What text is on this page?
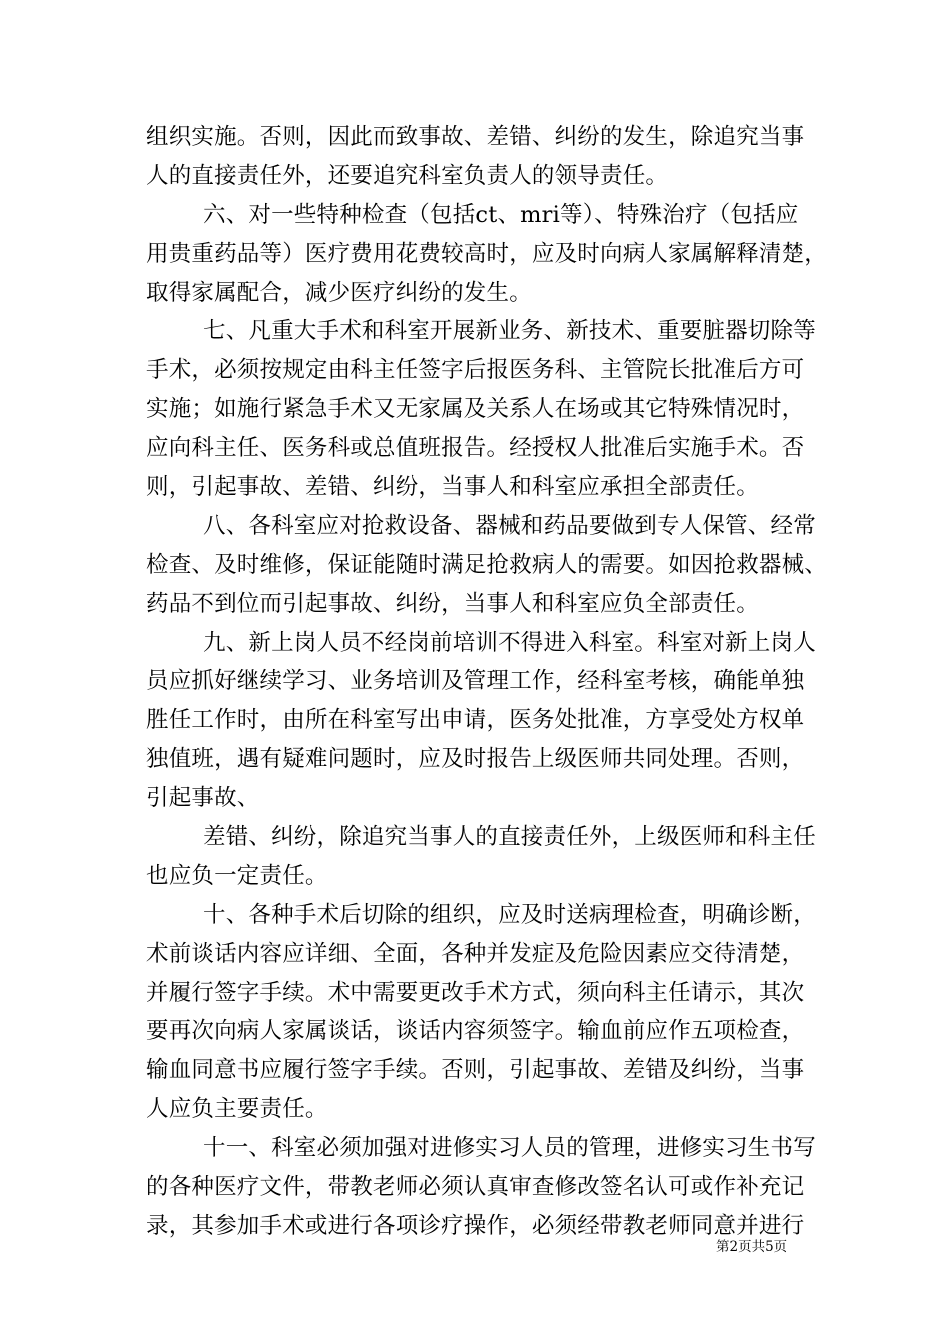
组织实施。否则，因此而致事故、差错、纠纷的发生，除追究当事
人的直接责任外，还要追究科室负责人的领导责任。
六、对一些特种检查（包括ct、mri等）、特殊治疗（包括应
用贵重药品等）医疗费用花费较高时，应及时向病人家属解释清楚，
取得家属配合，减少医疗纠纷的发生。
七、凡重大手术和科室开展新业务、新技术、重要脏器切除等
手术，必须按规定由科主任签字后报医务科、主管院长批准后方可
实施；如施行紧急手术又无家属及关系人在场或其它特殊情况时，
应向科主任、医务科或总值班报告。经授权人批准后实施手术。否
则，引起事故、差错、纠纷，当事人和科室应承担全部责任。
八、各科室应对抢救设备、器械和药品要做到专人保管、经常
检查、及时维修，保证能随时满足抢救病人的需要。如因抢救器械、
药品不到位而引起事故、纠纷，当事人和科室应负全部责任。
九、新上岗人员不经岗前培训不得进入科室。科室对新上岗人
员应抓好继续学习、业务培训及管理工作，经科室考核，确能单独
胜任工作时，由所在科室写出申请，医务处批准，方享受处方权单
独值班，遇有疑难问题时，应及时报告上级医师共同处理。否则，
引起事故、
差错、纠纷，除追究当事人的直接责任外，上级医师和科主任
也应负一定责任。
十、各种手术后切除的组织，应及时送病理检查，明确诊断，
术前谈话内容应详细、全面，各种并发症及危险因素应交待清楚，
并履行签字手续。术中需要更改手术方式，须向科主任请示，其次
要再次向病人家属谈话，谈话内容须签字。输血前应作五项检查，
输血同意书应履行签字手续。否则，引起事故、差错及纠纷，当事
人应负主要责任。
十一、科室必须加强对进修实习人员的管理，进修实习生书写
的各种医疗文件，带教老师必须认真审查修改签名认可或作补充记
录，其参加手术或进行各项诊疗操作，必须经带教老师同意并进行
第2页共5页
